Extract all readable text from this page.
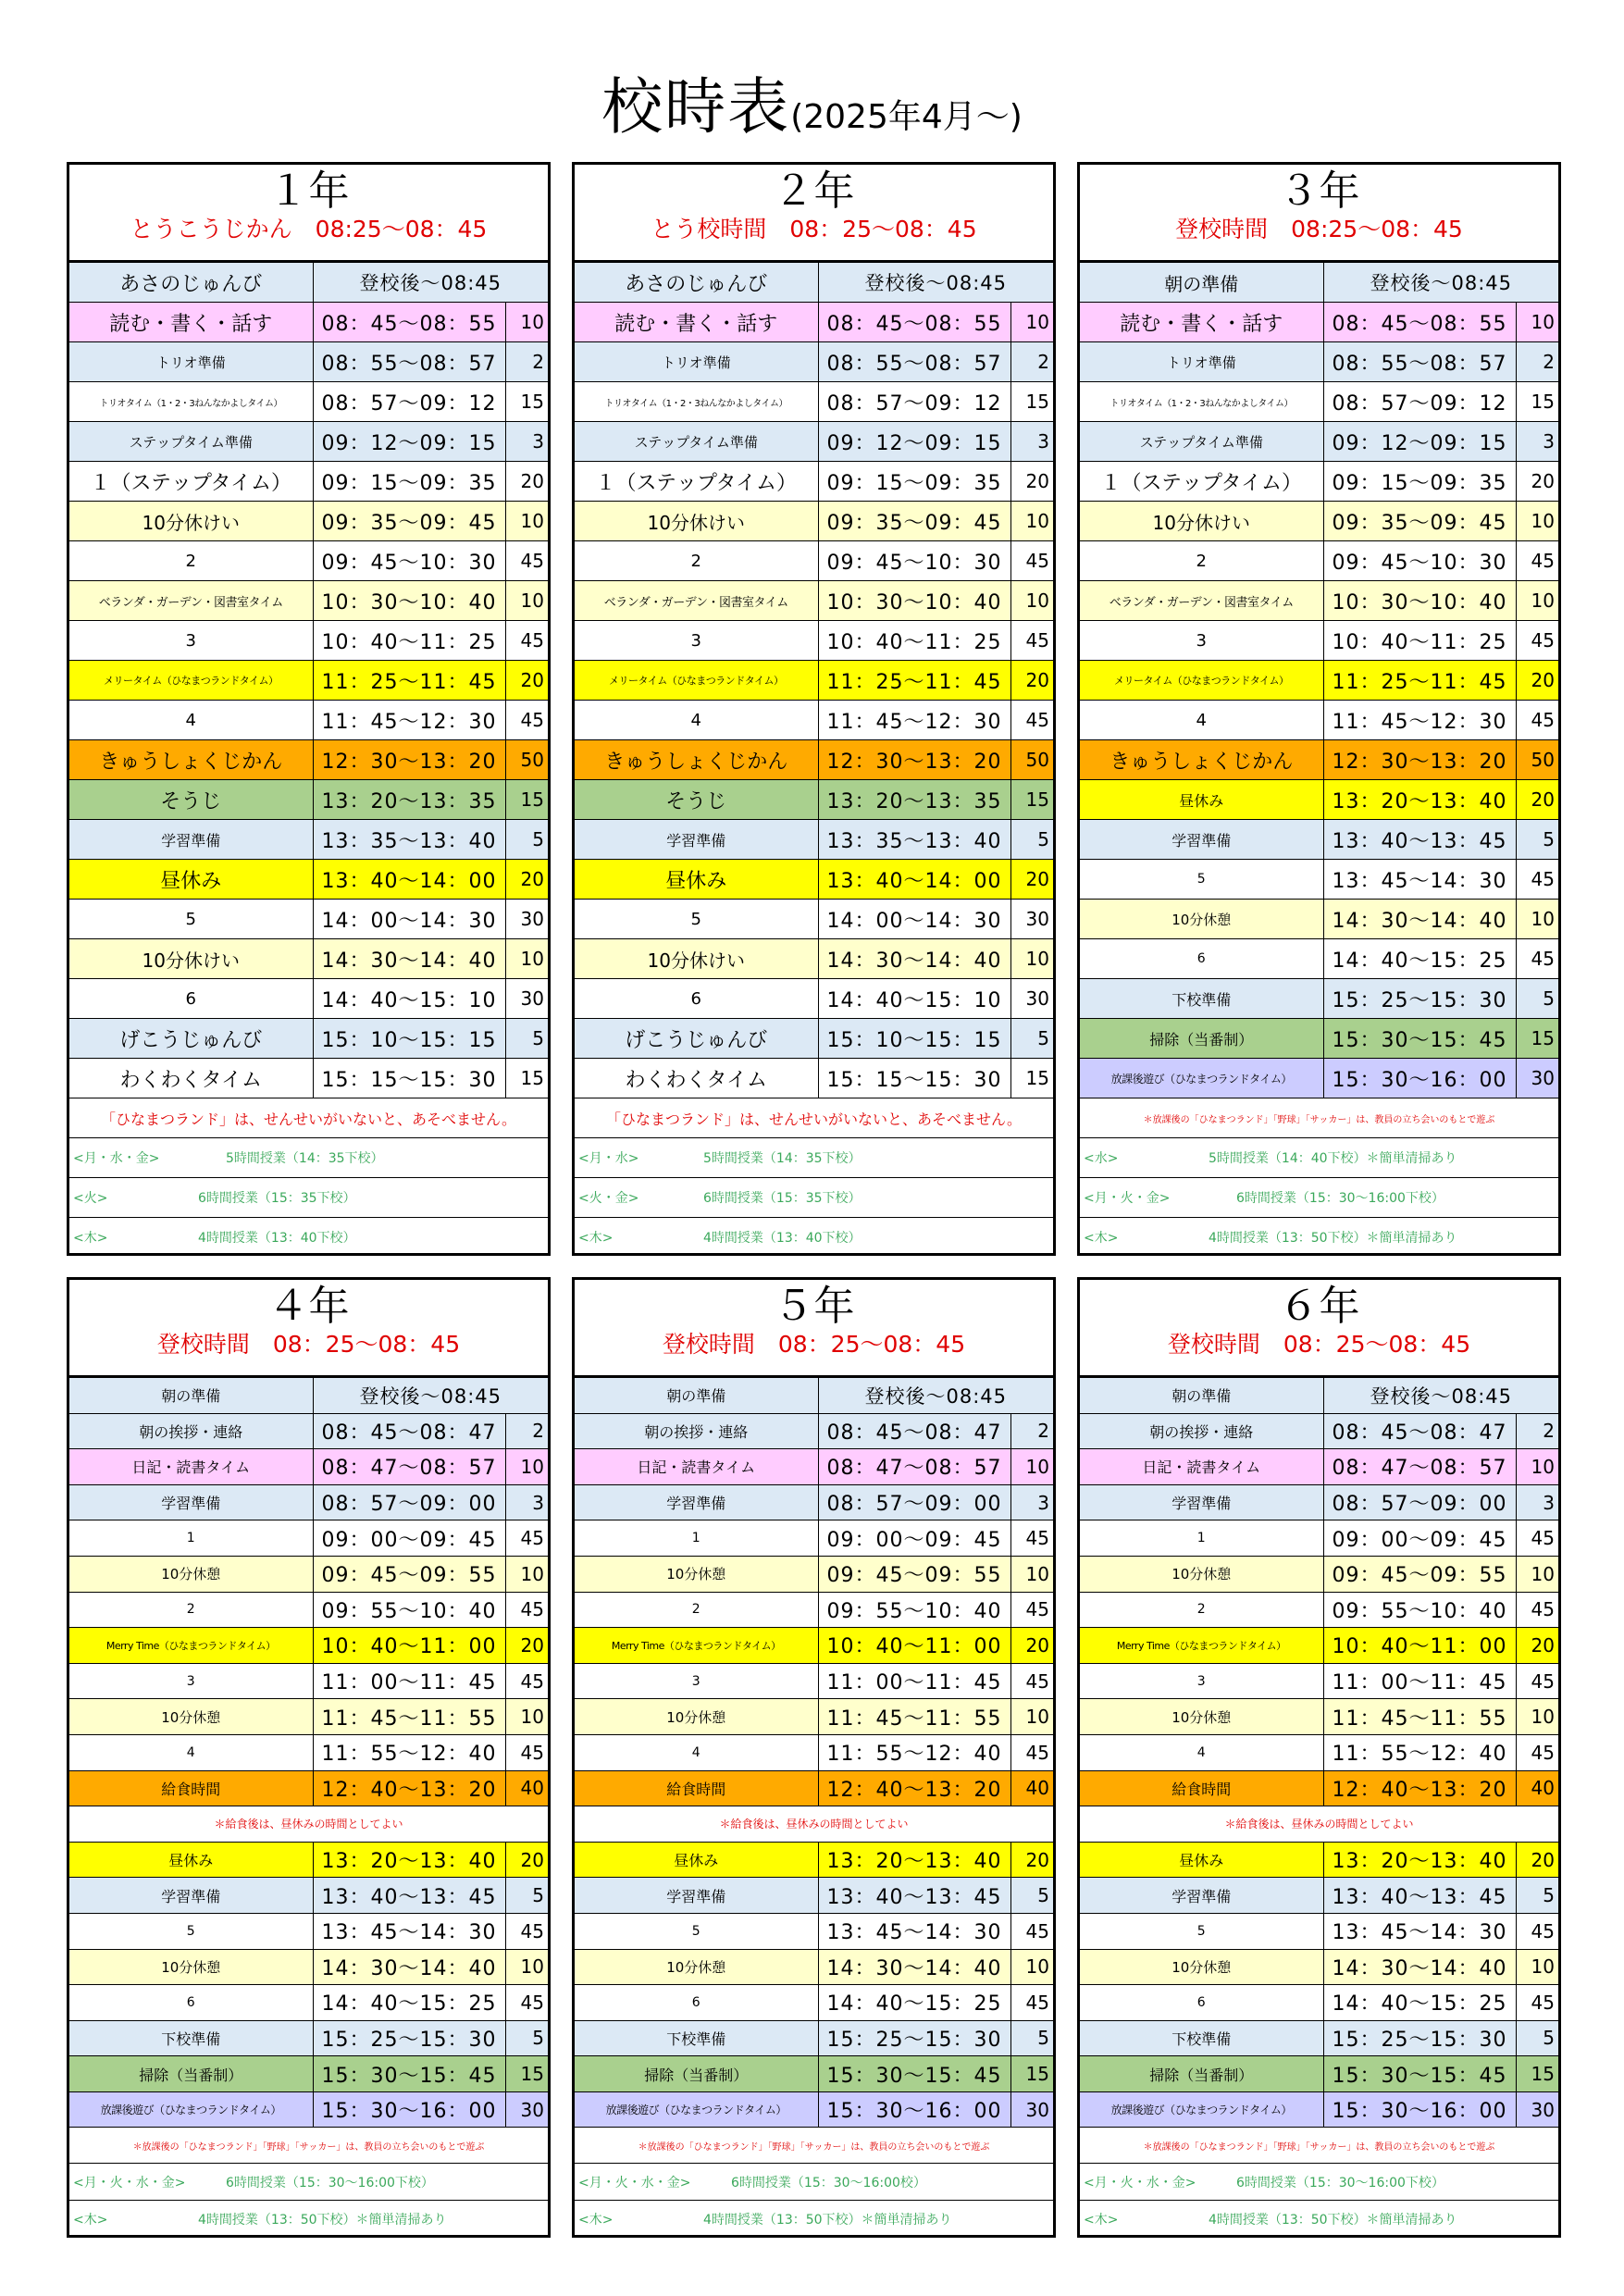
校時表(2025年4月～)
１年
とうこうじかん　08:25～08：45
あさのじゅんび	登校後～08:45	
読む・書く・話す	08：45～08：55	10
トリオ準備	08：55～08：57	2
トリオタイム（1・2・3ねんなかよしタイム）	08：57～09：12	15
ステップタイム準備	09：12～09：15	3
１（ステップタイム）	09：15～09：35	20
10分休けい	09：35～09：45	10
2	09：45～10：30	45
ベランダ・ガーデン・図書室タイム	10：30～10：40	10
3	10：40～11：25	45
メリータイム（ひなまつランドタイム）	11：25～11：45	20
4	11：45～12：30	45
きゅうしょくじかん	12：30～13：20	50
そうじ	13：20～13：35	15
学習準備	13：35～13：40	5
昼休み	13：40～14：00	20
5	14：00～14：30	30
10分休けい	14：30～14：40	10
6	14：40～15：10	30
げこうじゅんび	15：10～15：15	5
わくわくタイム	15：15～15：30	15
「ひなまつランド」は、せんせいがいないと、あそべません。		
<月・水・金> 5時間授業（14：35下校）		
<火> 6時間授業（15：35下校）		
<木> 4時間授業（13：40下校）		
２年
とう校時間　08：25～08：45
あさのじゅんび	登校後～08:45	
読む・書く・話す	08：45～08：55	10
トリオ準備	08：55～08：57	2
トリオタイム（1・2・3ねんなかよしタイム）	08：57～09：12	15
ステップタイム準備	09：12～09：15	3
１（ステップタイム）	09：15～09：35	20
10分休けい	09：35～09：45	10
2	09：45～10：30	45
ベランダ・ガーデン・図書室タイム	10：30～10：40	10
3	10：40～11：25	45
メリータイム（ひなまつランドタイム）	11：25～11：45	20
4	11：45～12：30	45
きゅうしょくじかん	12：30～13：20	50
そうじ	13：20～13：35	15
学習準備	13：35～13：40	5
昼休み	13：40～14：00	20
5	14：00～14：30	30
10分休けい	14：30～14：40	10
6	14：40～15：10	30
げこうじゅんび	15：10～15：15	5
わくわくタイム	15：15～15：30	15
「ひなまつランド」は、せんせいがいないと、あそべません。		
<月・水> 5時間授業（14：35下校）		
<火・金> 6時間授業（15：35下校）		
<木> 4時間授業（13：40下校）		
３年
登校時間　08:25～08：45
朝の準備	登校後～08:45	
読む・書く・話す	08：45～08：55	10
トリオ準備	08：55～08：57	2
トリオタイム（1・2・3ねんなかよしタイム）	08：57～09：12	15
ステップタイム準備	09：12～09：15	3
１（ステップタイム）	09：15～09：35	20
10分休けい	09：35～09：45	10
2	09：45～10：30	45
ベランダ・ガーデン・図書室タイム	10：30～10：40	10
3	10：40～11：25	45
メリータイム（ひなまつランドタイム）	11：25～11：45	20
4	11：45～12：30	45
きゅうしょくじかん	12：30～13：20	50
昼休み	13：20～13：40	20
学習準備	13：40～13：45	5
5	13：45～14：30	45
10分休憩	14：30～14：40	10
6	14：40～15：25	45
下校準備	15：25～15：30	5
掃除（当番制）	15：30～15：45	15
放課後遊び（ひなまつランドタイム）	15：30～16：00	30
＊放課後の「ひなまつランド」「野球」「サッカー」は、教員の立ち会いのもとで遊ぶ		
<水> 5時間授業（14：40下校）＊簡単清掃あり		
<月・火・金> 6時間授業（15：30～16:00下校）		
<木> 4時間授業（13：50下校）＊簡単清掃あり		
４年
登校時間　08：25～08：45
朝の準備	登校後～08:45	
朝の挨拶・連絡	08：45～08：47	2
日記・読書タイム	08：47～08：57	10
学習準備	08：57～09：00	3
1	09：00～09：45	45
10分休憩	09：45～09：55	10
2	09：55～10：40	45
Merry Time（ひなまつランドタイム）	10：40～11：00	20
3	11：00～11：45	45
10分休憩	11：45～11：55	10
4	11：55～12：40	45
給食時間	12：40～13：20	40
＊給食後は、昼休みの時間としてよい		
昼休み	13：20～13：40	20
学習準備	13：40～13：45	5
5	13：45～14：30	45
10分休憩	14：30～14：40	10
6	14：40～15：25	45
下校準備	15：25～15：30	5
掃除（当番制）	15：30～15：45	15
放課後遊び（ひなまつランドタイム）	15：30～16：00	30
＊放課後の「ひなまつランド」「野球」「サッカー」は、教員の立ち会いのもとで遊ぶ		
<月・火・水・金> 6時間授業（15：30～16:00下校）		
<木> 4時間授業（13：50下校）＊簡単清掃あり		
５年
登校時間　08：25～08：45
朝の準備	登校後～08:45	
朝の挨拶・連絡	08：45～08：47	2
日記・読書タイム	08：47～08：57	10
学習準備	08：57～09：00	3
1	09：00～09：45	45
10分休憩	09：45～09：55	10
2	09：55～10：40	45
Merry Time（ひなまつランドタイム）	10：40～11：00	20
3	11：00～11：45	45
10分休憩	11：45～11：55	10
4	11：55～12：40	45
給食時間	12：40～13：20	40
＊給食後は、昼休みの時間としてよい		
昼休み	13：20～13：40	20
学習準備	13：40～13：45	5
5	13：45～14：30	45
10分休憩	14：30～14：40	10
6	14：40～15：25	45
下校準備	15：25～15：30	5
掃除（当番制）	15：30～15：45	15
放課後遊び（ひなまつランドタイム）	15：30～16：00	30
＊放課後の「ひなまつランド」「野球」「サッカー」は、教員の立ち会いのもとで遊ぶ		
<月・火・水・金> 6時間授業（15：30～16:00校）		
<木> 4時間授業（13：50下校）＊簡単清掃あり		
６年
登校時間　08：25～08：45
朝の準備	登校後～08:45	
朝の挨拶・連絡	08：45～08：47	2
日記・読書タイム	08：47～08：57	10
学習準備	08：57～09：00	3
1	09：00～09：45	45
10分休憩	09：45～09：55	10
2	09：55～10：40	45
Merry Time（ひなまつランドタイム）	10：40～11：00	20
3	11：00～11：45	45
10分休憩	11：45～11：55	10
4	11：55～12：40	45
給食時間	12：40～13：20	40
＊給食後は、昼休みの時間としてよい		
昼休み	13：20～13：40	20
学習準備	13：40～13：45	5
5	13：45～14：30	45
10分休憩	14：30～14：40	10
6	14：40～15：25	45
下校準備	15：25～15：30	5
掃除（当番制）	15：30～15：45	15
放課後遊び（ひなまつランドタイム）	15：30～16：00	30
＊放課後の「ひなまつランド」「野球」「サッカー」は、教員の立ち会いのもとで遊ぶ		
<月・火・水・金> 6時間授業（15：30～16:00下校）		
<木> 4時間授業（13：50下校）＊簡単清掃あり		
